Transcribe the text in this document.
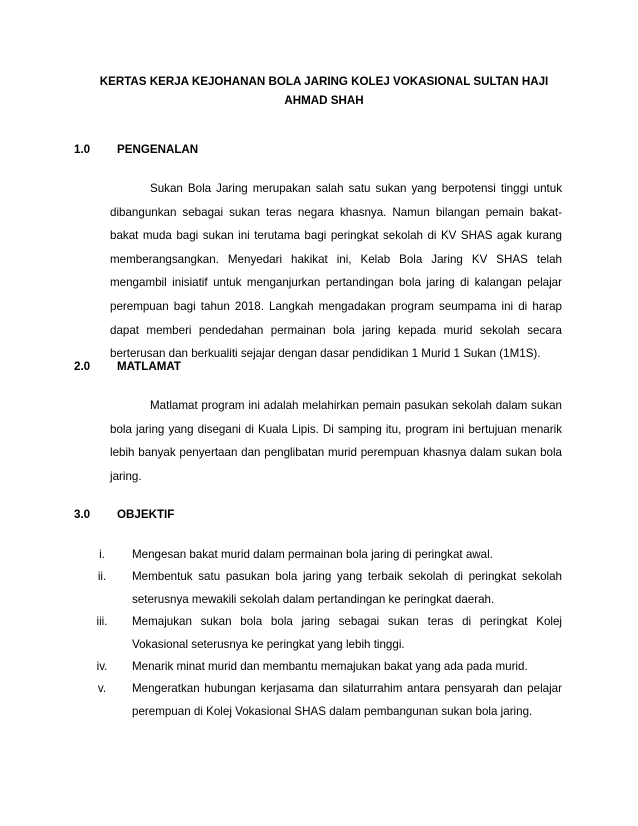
KERTAS KERJA KEJOHANAN BOLA JARING KOLEJ VOKASIONAL SULTAN HAJI AHMAD SHAH
1.0 PENGENALAN

Sukan Bola Jaring merupakan salah satu sukan yang berpotensi tinggi untuk dibangunkan sebagai sukan teras negara khasnya. Namun bilangan pemain bakat-bakat muda bagi sukan ini terutama bagi peringkat sekolah di KV SHAS agak kurang memberangsangkan. Menyedari hakikat ini, Kelab Bola Jaring KV SHAS telah mengambil inisiatif untuk menganjurkan pertandingan bola jaring di kalangan pelajar perempuan bagi tahun 2018. Langkah mengadakan program seumpama ini di harap dapat memberi pendedahan permainan bola jaring kepada murid sekolah secara berterusan dan berkualiti sejajar dengan dasar pendidikan 1 Murid 1 Sukan (1M1S).

2.0 MATLAMAT

Matlamat program ini adalah melahirkan pemain pasukan sekolah dalam sukan bola jaring yang disegani di Kuala Lipis. Di samping itu, program ini bertujuan menarik lebih banyak penyertaan dan penglibatan murid perempuan khasnya dalam sukan bola jaring.

3.0 OBJEKTIF
i.	Mengesan bakat murid dalam permainan bola jaring di peringkat awal.
ii.	Membentuk satu pasukan bola jaring yang terbaik sekolah di peringkat sekolah seterusnya mewakili sekolah dalam pertandingan ke peringkat daerah.
iii.	Memajukan sukan bola bola jaring sebagai sukan teras di peringkat Kolej Vokasional seterusnya ke peringkat yang lebih tinggi.
iv.	Menarik minat murid dan membantu memajukan bakat yang ada pada murid.
v.	Mengeratkan hubungan kerjasama dan silaturrahim antara pensyarah dan pelajar perempuan di Kolej Vokasional SHAS dalam pembangunan sukan bola jaring.
